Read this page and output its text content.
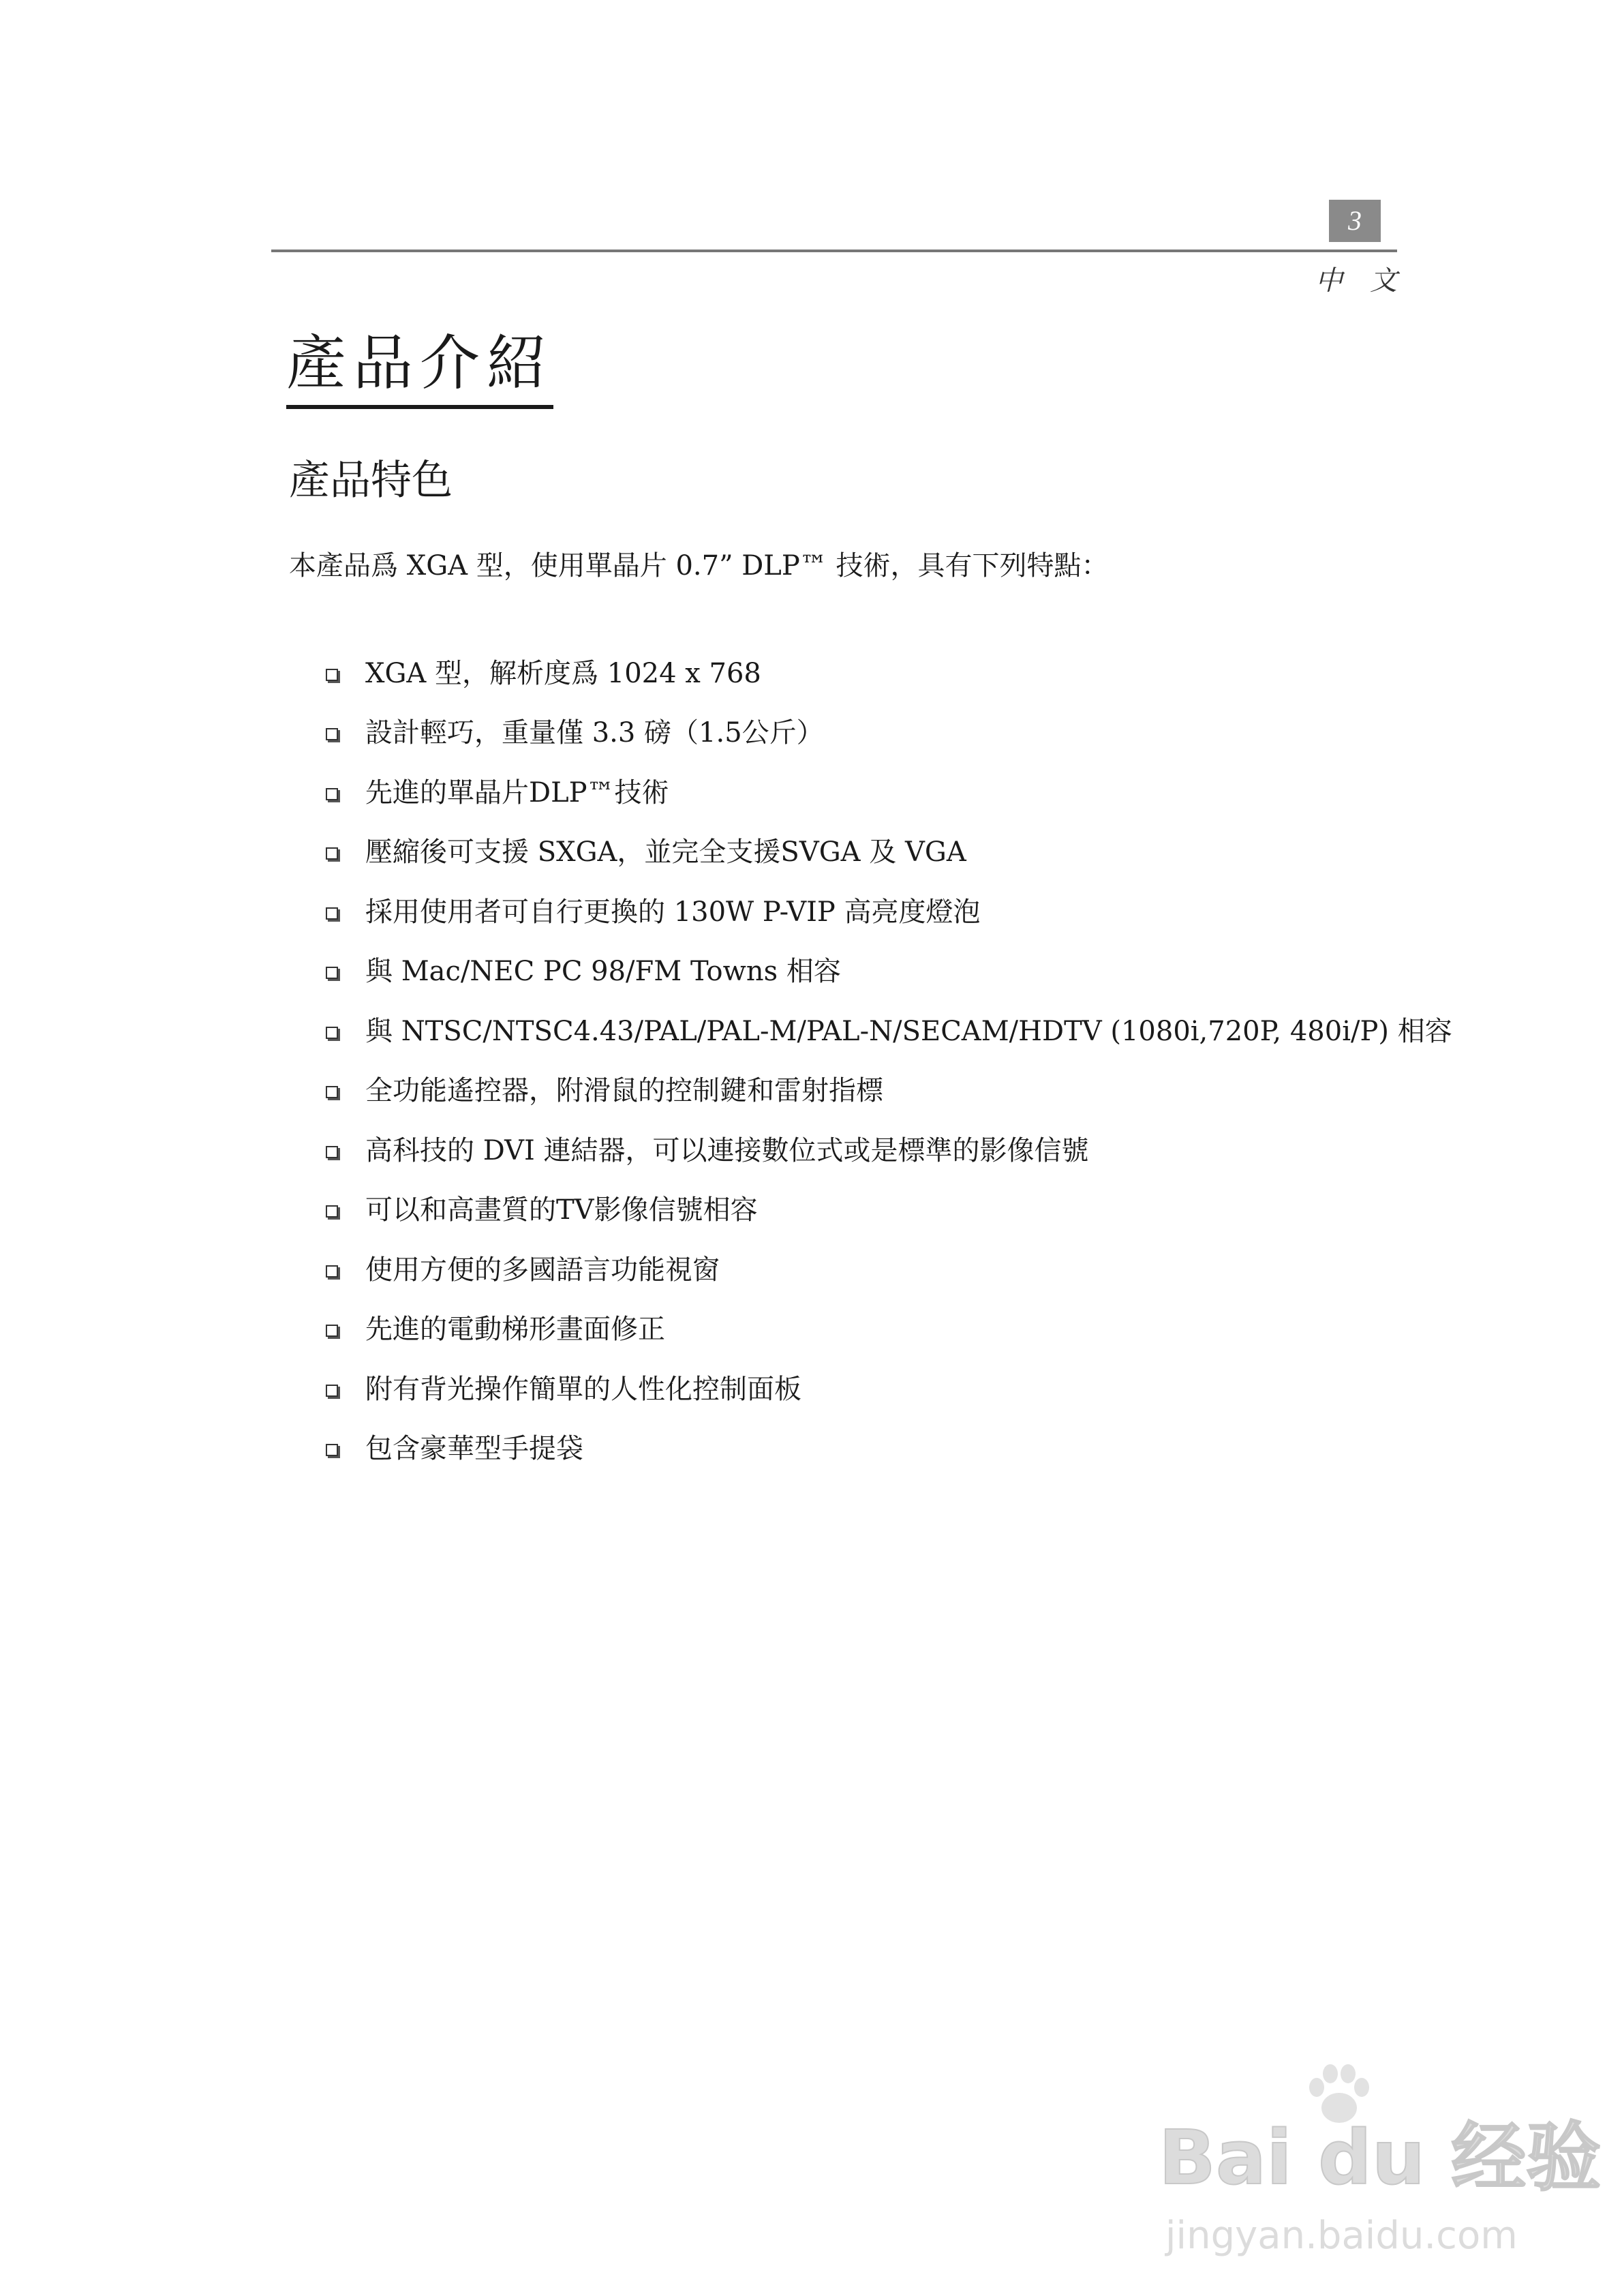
3
中文
產品介紹
產品特色
本產品爲 XGA 型，使用單晶片 0.7” DLP™ 技術，具有下列特點：
XGA 型，解析度爲 1024 x 768
設計輕巧，重量僅 3.3 磅（1.5公斤）
先進的單晶片DLP™技術
壓縮後可支援 SXGA，並完全支援SVGA 及 VGA
採用使用者可自行更換的 130W P-VIP 高亮度燈泡
與 Mac/NEC PC 98/FM Towns 相容
與 NTSC/NTSC4.43/PAL/PAL-M/PAL-N/SECAM/HDTV (1080i,720P, 480i/P) 相容
全功能遙控器，附滑鼠的控制鍵和雷射指標
高科技的 DVI 連結器，可以連接數位式或是標準的影像信號
可以和高畫質的TV影像信號相容
使用方便的多國語言功能視窗
先進的電動梯形畫面修正
附有背光操作簡單的人性化控制面板
包含豪華型手提袋
Bai du 经验
jingyan.baidu.com
